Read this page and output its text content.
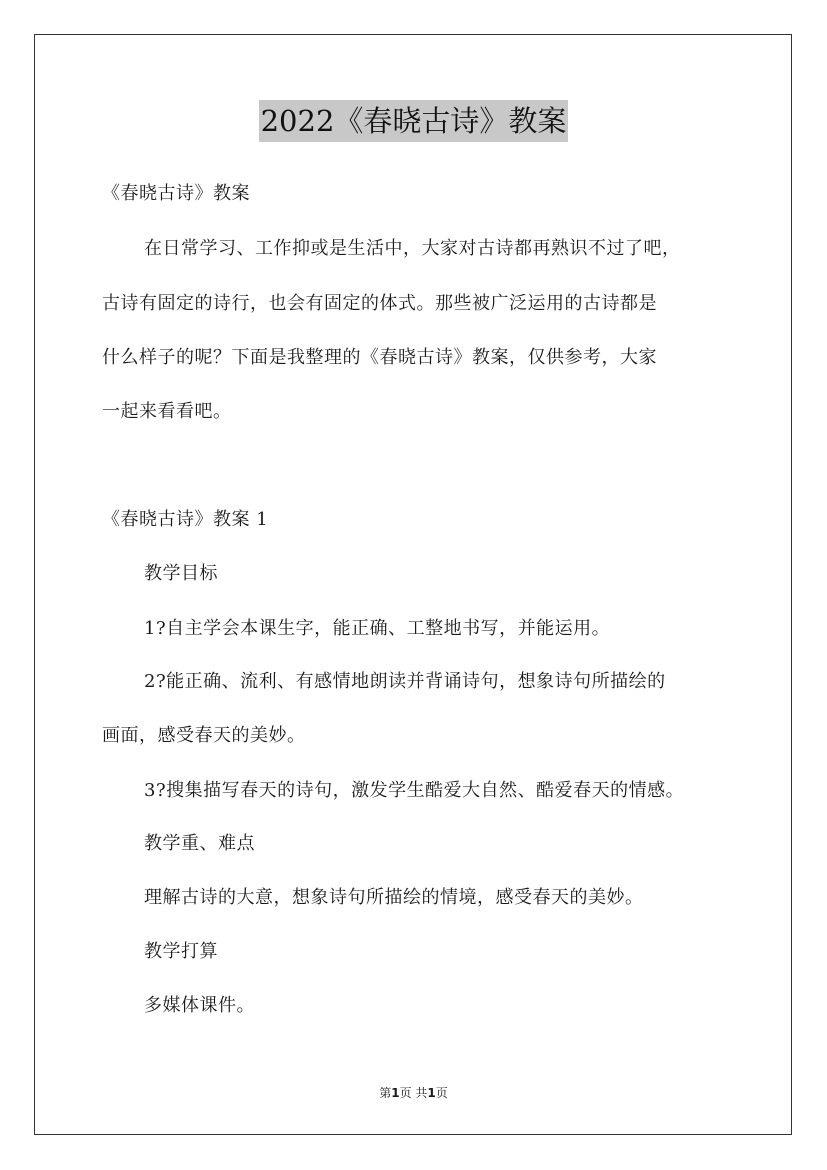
2022《春晓古诗》教案
《春晓古诗》教案
在日常学习、工作抑或是生活中，大家对古诗都再熟识不过了吧，
古诗有固定的诗行，也会有固定的体式。那些被广泛运用的古诗都是
什么样子的呢？下面是我整理的《春晓古诗》教案，仅供参考，大家
一起来看看吧。
《春晓古诗》教案 1
教学目标
1?自主学会本课生字，能正确、工整地书写，并能运用。
2?能正确、流利、有感情地朗读并背诵诗句，想象诗句所描绘的
画面，感受春天的美妙。
3?搜集描写春天的诗句，激发学生酷爱大自然、酷爱春天的情感。
教学重、难点
理解古诗的大意，想象诗句所描绘的情境，感受春天的美妙。
教学打算
多媒体课件。
第1页 共1页
